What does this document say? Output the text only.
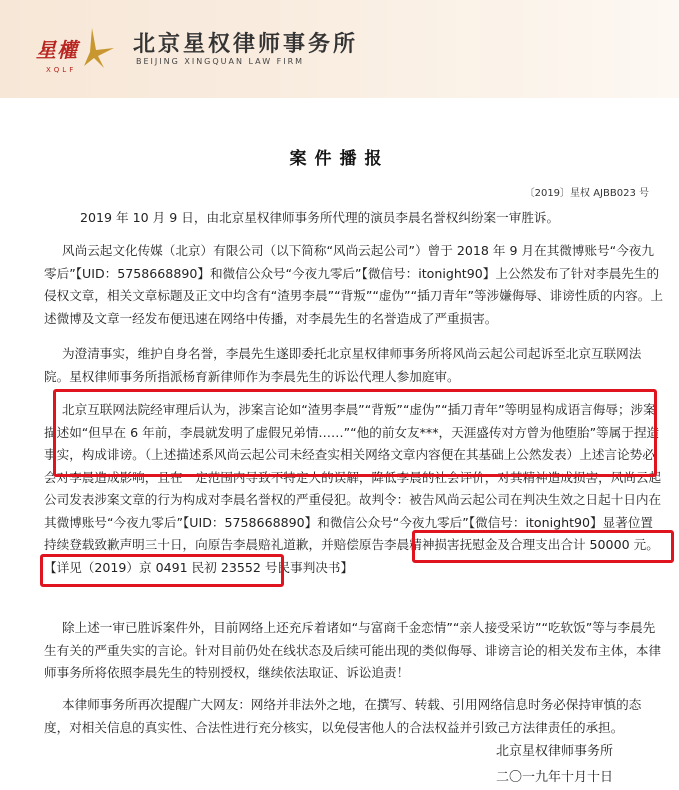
星權
XQLF
北京星权律师事务所
BEIJING XINGQUAN LAW FIRM
案件播报
〔2019〕星权 AJBB023 号

2019 年 10 月 9 日，由北京星权律师事务所代理的演员李晨名誉权纠纷案一审胜诉。

风尚云起文化传媒（北京）有限公司（以下简称“风尚云起公司”）曾于 2018 年 9 月在其微博账号“今夜九零后”【UID：5758668890】和微信公众号“今夜九零后”【微信号：itonight90】上公然发布了针对李晨先生的侵权文章，相关文章标题及正文中均含有“渣男李晨”“背叛”“虚伪”“插刀青年”等涉嫌侮辱、诽谤性质的内容。上述微博及文章一经发布便迅速在网络中传播，对李晨先生的名誉造成了严重损害。

为澄清事实，维护自身名誉，李晨先生遂即委托北京星权律师事务所将风尚云起公司起诉至北京互联网法院。星权律师事务所指派杨育新律师作为李晨先生的诉讼代理人参加庭审。

北京互联网法院经审理后认为，涉案言论如“渣男李晨”“背叛”“虚伪”“插刀青年”等明显构成语言侮辱；涉案描述如“但早在 6 年前，李晨就发明了虚假兄弟情……”“他的前女友***，天涯盛传对方曾为他堕胎”等属于捏造事实，构成诽谤。（上述描述系风尚云起公司未经查实相关网络文章内容便在其基础上公然发表）上述言论势必会对李晨造成影响，且在一定范围内导致不特定人的误解，降低李晨的社会评价，对其精神造成损害，风尚云起公司发表涉案文章的行为构成对李晨名誉权的严重侵犯。故判令：被告风尚云起公司在判决生效之日起十日内在其微博账号“今夜九零后”【UID：5758668890】和微信公众号“今夜九零后”【微信号：itonight90】显著位置持续登载致歉声明三十日，向原告李晨赔礼道歉，并赔偿原告李晨精神损害抚慰金及合理支出合计 50000 元。【详见（2019）京 0491 民初 23552 号民事判决书】

除上述一审已胜诉案件外，目前网络上还充斥着诸如“与富商千金恋情”“亲人接受采访”“吃软饭”等与李晨先生有关的严重失实的言论。针对目前仍处在线状态及后续可能出现的类似侮辱、诽谤言论的相关发布主体，本律师事务所将依照李晨先生的特别授权，继续依法取证、诉讼追责！

本律师事务所再次提醒广大网友：网络并非法外之地，在撰写、转载、引用网络信息时务必保持审慎的态度，对相关信息的真实性、合法性进行充分核实，以免侵害他人的合法权益并引致己方法律责任的承担。

北京星权律师事务所
二〇一九年十月十日
